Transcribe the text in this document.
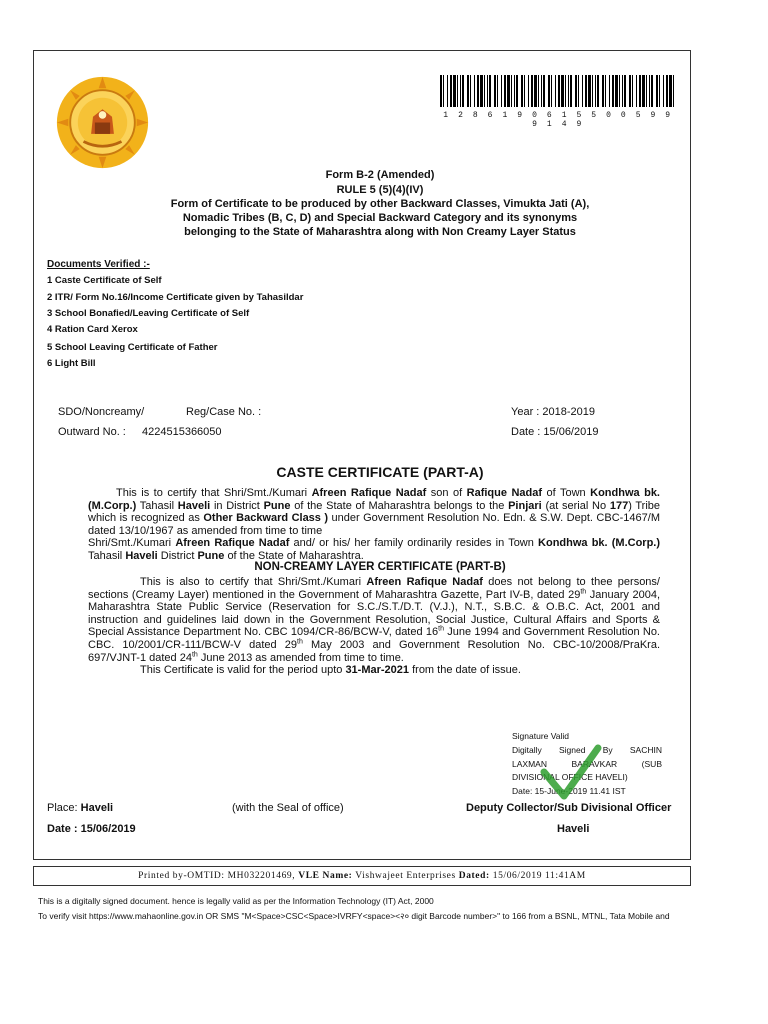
1 2 8 6 1 9 0 6 1 5 5 0 0 5 9 9 9 1 4 9
Form B-2 (Amended)
RULE 5 (5)(4)(IV)
Form of Certificate to be produced by other Backward Classes, Vimukta Jati (A),
Nomadic Tribes (B, C, D) and Special Backward Category and its synonyms
belonging to the State of Maharashtra along with Non Creamy Layer Status
Documents Verified :-
1 Caste Certificate of Self
2 ITR/ Form No.16/Income Certificate given by Tahasildar
3 School Bonafied/Leaving Certificate of Self
4 Ration Card Xerox
5 School Leaving Certificate of Father
6 Light Bill
SDO/Noncreamy/	Reg/Case No. :	Year : 2018-2019
Outward No. : 4224515366050	Date : 15/06/2019
CASTE CERTIFICATE (PART-A)
This is to certify that Shri/Smt./Kumari Afreen Rafique Nadaf son of Rafique Nadaf of Town Kondhwa bk. (M.Corp.) Tahasil Haveli in District Pune of the State of Maharashtra belongs to the Pinjari (at serial No 177) Tribe which is recognized as Other Backward Class ) under Government Resolution No. Edn. & S.W. Dept. CBC-1467/M dated 13/10/1967 as amended from time to time
Shri/Smt./Kumari Afreen Rafique Nadaf and/ or his/ her family ordinarily resides in Town Kondhwa bk. (M.Corp.) Tahasil Haveli District Pune of the State of Maharashtra.
NON-CREAMY LAYER CERTIFICATE (PART-B)
This is also to certify that Shri/Smt./Kumari Afreen Rafique Nadaf does not belong to thee persons/ sections (Creamy Layer) mentioned in the Government of Maharashtra Gazette, Part IV-B, dated 29th January 2004, Maharashtra State Public Service (Reservation for S.C./S.T./D.T. (V.J.), N.T., S.B.C. & O.B.C. Act, 2001 and instruction and guidelines laid down in the Government Resolution, Social Justice, Cultural Affairs and Sports & Special Assistance Department No. CBC 1094/CR-86/BCW-V, dated 16th June 1994 and Government Resolution No. CBC. 10/2001/CR-111/BCW-V dated 29th May 2003 and Government Resolution No. CBC-10/2008/PraKra. 697/VJNT-1 dated 24th June 2013 as amended from time to time.
This Certificate is valid for the period upto 31-Mar-2021 from the date of issue.
Signature Valid
Digitally Signed By SACHIN
LAXMAN BARAVKAR (SUB
DIVISIONAL OFFICE HAVELI)
Date: 15-June-2019 11.41 IST
Place: Haveli	(with the Seal of office)	Deputy Collector/Sub Divisional Officer
Date : 15/06/2019	Haveli
Printed by-OMTID: MH032201469, VLE Name: Vishwajeet Enterprises Dated: 15/06/2019 11:41AM
This is a digitally signed document. hence is legally valid as per the Information Technology (IT) Act, 2000
To verify visit https://www.mahaonline.gov.in OR SMS "M<Space>CSC<Space>IVRFY<space><२० digit Barcode number>" to 166 from a BSNL, MTNL, Tata Mobile and
